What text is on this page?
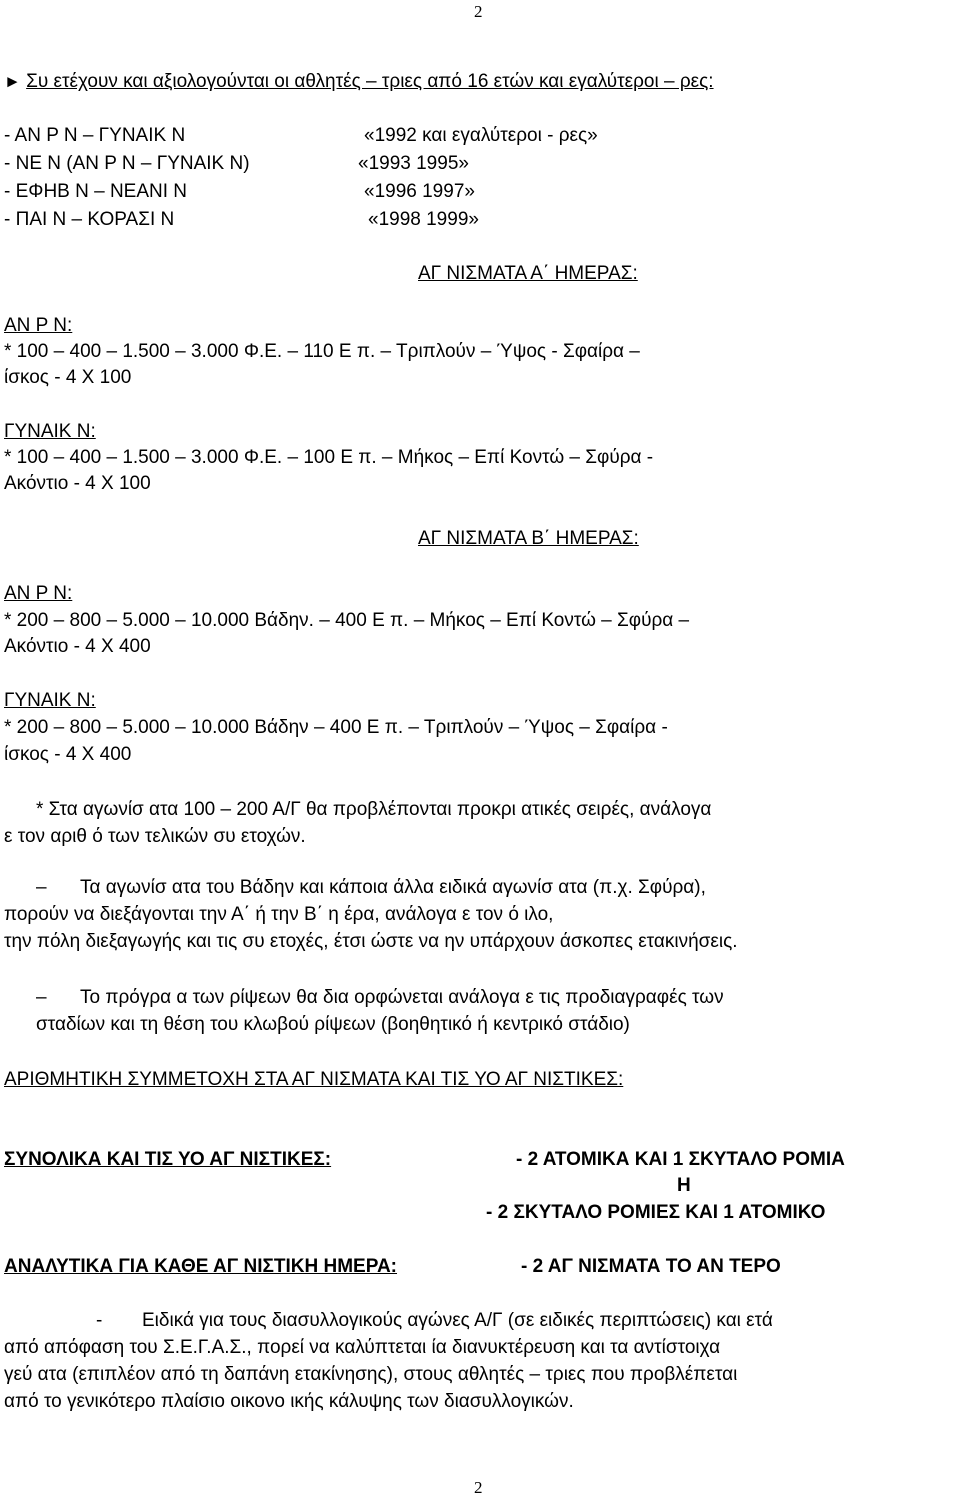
2
► Συ ετέχουν και αξιολογούνται οι αθλητές – τριες από 16 ετών και εγαλύτεροι – ρες:
- ΑΝ Ρ Ν – ΓΥΝΑΙΚ Ν	«1992 και εγαλύτεροι - ρες»
- ΝΕ Ν (ΑΝ Ρ Ν – ΓΥΝΑΙΚ Ν)	«1993 1995»
- ΕΦΗΒ Ν – ΝΕΑΝΙ Ν	«1996 1997»
- ΠΑΙ Ν – ΚΟΡΑΣΙ Ν	«1998 1999»
ΑΓ ΝΙΣΜΑΤΑ Α΄ ΗΜΕΡΑΣ:
ΑΝ Ρ Ν:
* 100 – 400 – 1.500 – 3.000 Φ.Ε. – 110 Ε π. – Τριπλούν – Ύψος - Σφαίρα –
ίσκος - 4 Χ 100
ΓΥΝΑΙΚ Ν:
* 100 – 400 – 1.500 – 3.000 Φ.Ε. – 100 Ε π. – Μήκος – Επί Κοντώ – Σφύρα -
Ακόντιο - 4 Χ 100
ΑΓ ΝΙΣΜΑΤΑ Β΄ ΗΜΕΡΑΣ:
ΑΝ Ρ Ν:
* 200 – 800 – 5.000 – 10.000 Βάδην. – 400 Ε π. – Μήκος – Επί Κοντώ – Σφύρα –
Ακόντιο - 4 Χ 400
ΓΥΝΑΙΚ Ν:
* 200 – 800 – 5.000 – 10.000 Βάδην – 400 Ε π. – Τριπλούν – Ύψος – Σφαίρα -
ίσκος - 4 Χ 400
* Στα αγωνίσ ατα 100 – 200 Α/Γ θα προβλέπονται προκρι ατικές σειρές, ανάλογα
ε τον αριθ ό των τελικών συ ετοχών.
– Τα αγωνίσ ατα του Βάδην και κάποια άλλα ειδικά αγωνίσ ατα (π.χ. Σφύρα),
πορούν να διεξάγονται την Α΄ ή την Β΄ η έρα, ανάλογα ε τον ό ιλο,
την πόλη διεξαγωγής και τις συ ετοχές, έτσι ώστε να ην υπάρχουν άσκοπες ετακινήσεις.
– Το πρόγρα α των ρίψεων θα δια ορφώνεται ανάλογα ε τις προδιαγραφές των
σταδίων και τη θέση του κλωβού ρίψεων (βοηθητικό ή κεντρικό στάδιο)
ΑΡΙΘΜΗΤΙΚΗ ΣΥΜΜΕΤΟΧΗ ΣΤΑ ΑΓ ΝΙΣΜΑΤΑ ΚΑΙ ΤΙΣ ΥΟ ΑΓ ΝΙΣΤΙΚΕΣ:
ΣΥΝΟΛΙΚΑ ΚΑΙ ΤΙΣ ΥΟ ΑΓ ΝΙΣΤΙΚΕΣ:	- 2 ΑΤΟΜΙΚΑ ΚΑΙ 1 ΣΚΥΤΑΛΟ ΡΟΜΙΑ
Η
- 2 ΣΚΥΤΑΛΟ ΡΟΜΙΕΣ ΚΑΙ 1 ΑΤΟΜΙΚΟ
ΑΝΑΛΥΤΙΚΑ ΓΙΑ ΚΑΘΕ ΑΓ ΝΙΣΤΙΚΗ ΗΜΕΡΑ:	- 2 ΑΓ ΝΙΣΜΑΤΑ ΤΟ ΑΝ ΤΕΡΟ
- Ειδικά για τους διασυλλογικούς αγώνες Α/Γ (σε ειδικές περιπτώσεις) και ετά
από απόφαση του Σ.Ε.Γ.Α.Σ., πορεί να καλύπτεται ία διανυκτέρευση και τα αντίστοιχα
γεύ ατα (επιπλέον από τη δαπάνη ετακίνησης), στους αθλητές – τριες που προβλέπεται
από το γενικότερο πλαίσιο οικονο ικής κάλυψης των διασυλλογικών.
2
